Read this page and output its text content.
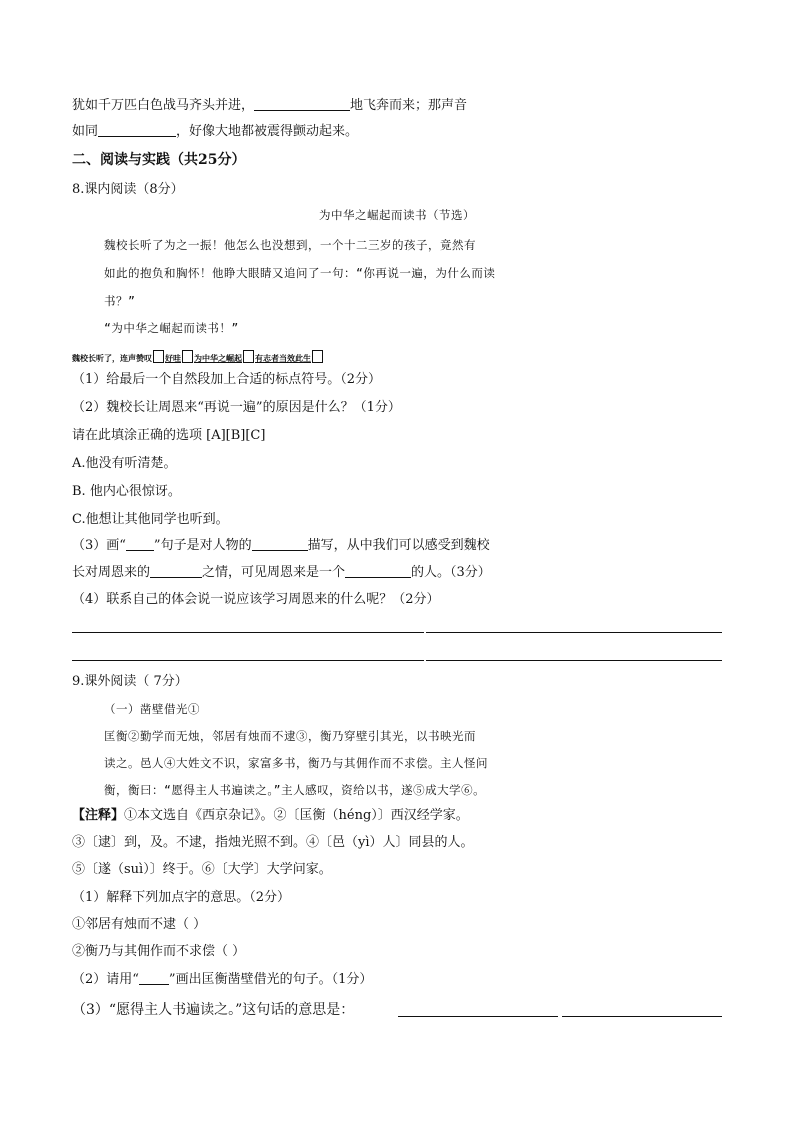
犹如千万匹白色战马齐头并进，	地飞奔而来；那声音
如同	，好像大地都被震得颤动起来。
二、阅读与实践（共25分）
8.课内阅读（8分）
为中华之崛起而读书（节选）
魏校长听了为之一振！他怎么也没想到，一个十二三岁的孩子，竟然有
如此的抱负和胸怀！他睁大眼睛又追问了一句：“你再说一遍，为什么而读
书？”
“为中华之崛起而读书！”
魏校长听了，连声赞叹 好哇 为中华之崛起 有志者当效此生
（1）给最后一个自然段加上合适的标点符号。（2分）
（2）魏校长让周恩来“再说一遍”的原因是什么？（1分）
请在此填涂正确的选项 [A][B][C]
A.他没有听清楚。
B. 他内心很惊讶。
C.他想让其他同学也听到。
（3）画“ ”句子是对人物的	描写，从中我们可以感受到魏校
长对周恩来的	之情，可见周恩来是一个	的人。（3分）
（4）联系自己的体会说一说应该学习周恩来的什么呢？（2分）
9.课外阅读（ 7分）
（一）凿壁借光①
匡衡②勤学而无烛，邻居有烛而不逮③，衡乃穿壁引其光，以书映光而
读之。邑人④大姓文不识，家富多书，衡乃与其佣作而不求偿。主人怪问
衡，衡曰：“愿得主人书遍读之。”主人感叹，资给以书，遂⑤成大学⑥。
【注释】①本文选自《西京杂记》。②〔匡衡（héng）〕西汉经学家。
③〔逮〕到，及。不逮，指烛光照不到。④〔邑（yì）人〕同县的人。
⑤〔遂（suì）〕终于。⑥〔大学〕大学问家。
（1）解释下列加点字的意思。（2分）
①邻居有烛而不逮（ ）
②衡乃与其佣作而不求偿（ ）
（2）请用“ ”画出匡衡凿壁借光的句子。（1分）
（3）“愿得主人书遍读之。”这句话的意思是：
